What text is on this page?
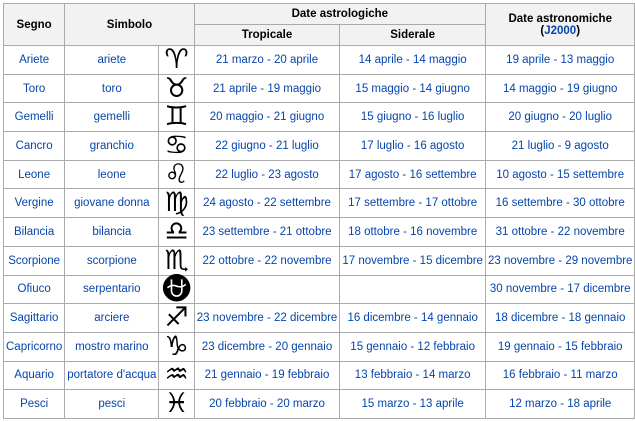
Segno	Simbolo		Date astrologiche		Date astronomiche
(J2000)
			Tropicale	Siderale	
Ariete	ariete	♈︎	21 marzo - 20 aprile	14 aprile - 14 maggio	19 aprile - 13 maggio
Toro	toro	♉︎	21 aprile - 19 maggio	15 maggio - 14 giugno	14 maggio - 19 giugno
Gemelli	gemelli	♊︎	20 maggio - 21 giugno	15 giugno - 16 luglio	20 giugno - 20 luglio
Cancro	granchio	♋︎	22 giugno - 21 luglio	17 luglio - 16 agosto	21 luglio - 9 agosto
Leone	leone	♌︎	22 luglio - 23 agosto	17 agosto - 16 settembre	10 agosto - 15 settembre
Vergine	giovane donna	♍︎	24 agosto - 22 settembre	17 settembre - 17 ottobre	16 settembre - 30 ottobre
Bilancia	bilancia	♎︎	23 settembre - 21 ottobre	18 ottobre - 16 novembre	31 ottobre - 22 novembre
Scorpione	scorpione	♏︎	22 ottobre - 22 novembre	17 novembre - 15 dicembre	23 novembre - 29 novembre
Ofiuco	serpentario	⛎︎			30 novembre - 17 dicembre
Sagittario	arciere	♐︎	23 novembre - 22 dicembre	16 dicembre - 14 gennaio	18 dicembre - 18 gennaio
Capricorno	mostro marino	♑︎	23 dicembre - 20 gennaio	15 gennaio - 12 febbraio	19 gennaio - 15 febbraio
Aquario	portatore d'acqua	♒︎	21 gennaio - 19 febbraio	13 febbraio - 14 marzo	16 febbraio - 11 marzo
Pesci	pesci	♓︎	20 febbraio - 20 marzo	15 marzo - 13 aprile	12 marzo - 18 aprile
